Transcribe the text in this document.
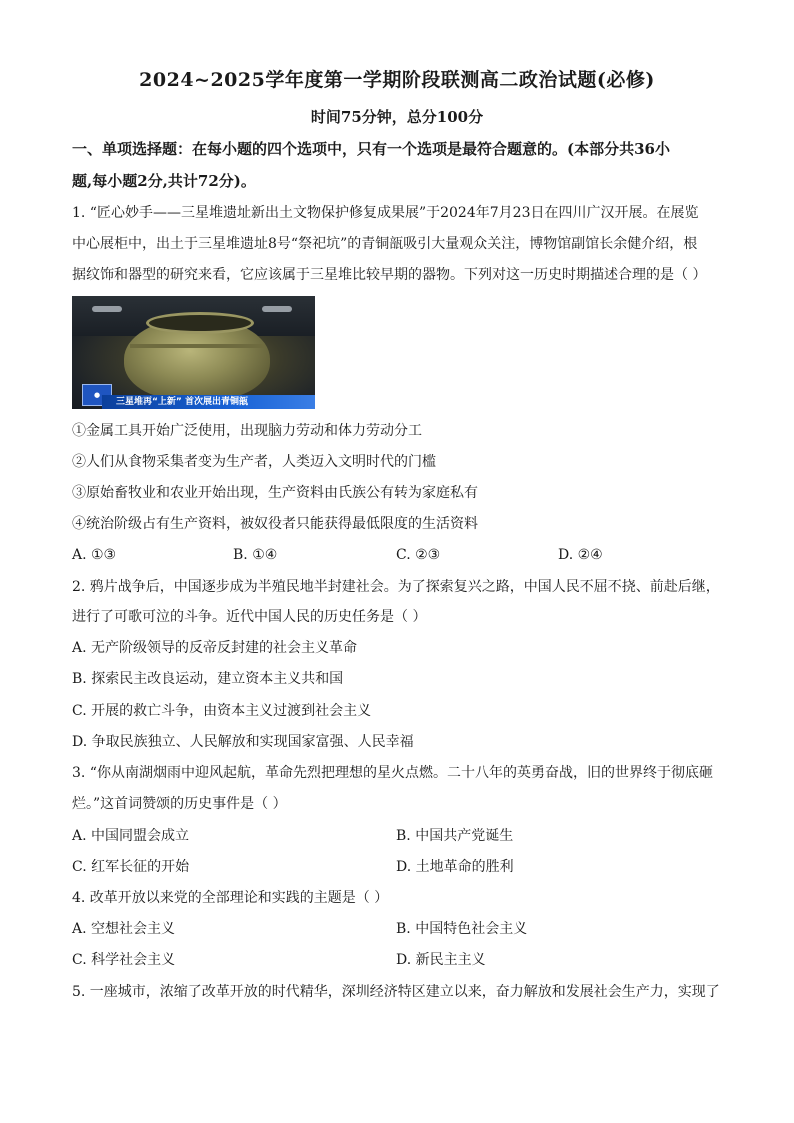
2024~2025学年度第一学期阶段联测高二政治试题(必修)
时间75分钟，总分100分
一、单项选择题：在每小题的四个选项中，只有一个选项是最符合题意的。(本部分共36小
题,每小题2分,共计72分)。
1. “匠心妙手——三星堆遗址新出土文物保护修复成果展”于2024年7月23日在四川广汉开展。在展览
中心展柜中，出土于三星堆遗址8号“祭祀坑”的青铜瓿吸引大量观众关注，博物馆副馆长余健介绍，根
据纹饰和器型的研究来看，它应该属于三星堆比较早期的器物。下列对这一历史时期描述合理的是（ ）
●
三星堆再“上新” 首次展出青铜瓿
①金属工具开始广泛使用，出现脑力劳动和体力劳动分工
②人们从食物采集者变为生产者，人类迈入文明时代的门槛
③原始畜牧业和农业开始出现，生产资料由氏族公有转为家庭私有
④统治阶级占有生产资料，被奴役者只能获得最低限度的生活资料
A. ①③	B. ①④	C. ②③	D. ②④
2. 鸦片战争后，中国逐步成为半殖民地半封建社会。为了探索复兴之路，中国人民不屈不挠、前赴后继，
进行了可歌可泣的斗争。近代中国人民的历史任务是（ ）
A. 无产阶级领导的反帝反封建的社会主义革命
B. 探索民主改良运动，建立资本主义共和国
C. 开展的救亡斗争，由资本主义过渡到社会主义
D. 争取民族独立、人民解放和实现国家富强、人民幸福
3. “你从南湖烟雨中迎风起航，革命先烈把理想的星火点燃。二十八年的英勇奋战，旧的世界终于彻底砸
烂。”这首词赞颂的历史事件是（ ）
A. 中国同盟会成立	B. 中国共产党诞生
C. 红军长征的开始	D. 土地革命的胜利
4. 改革开放以来党的全部理论和实践的主题是（ ）
A. 空想社会主义	B. 中国特色社会主义
C. 科学社会主义	D. 新民主主义
5. 一座城市，浓缩了改革开放的时代精华，深圳经济特区建立以来，奋力解放和发展社会生产力，实现了
